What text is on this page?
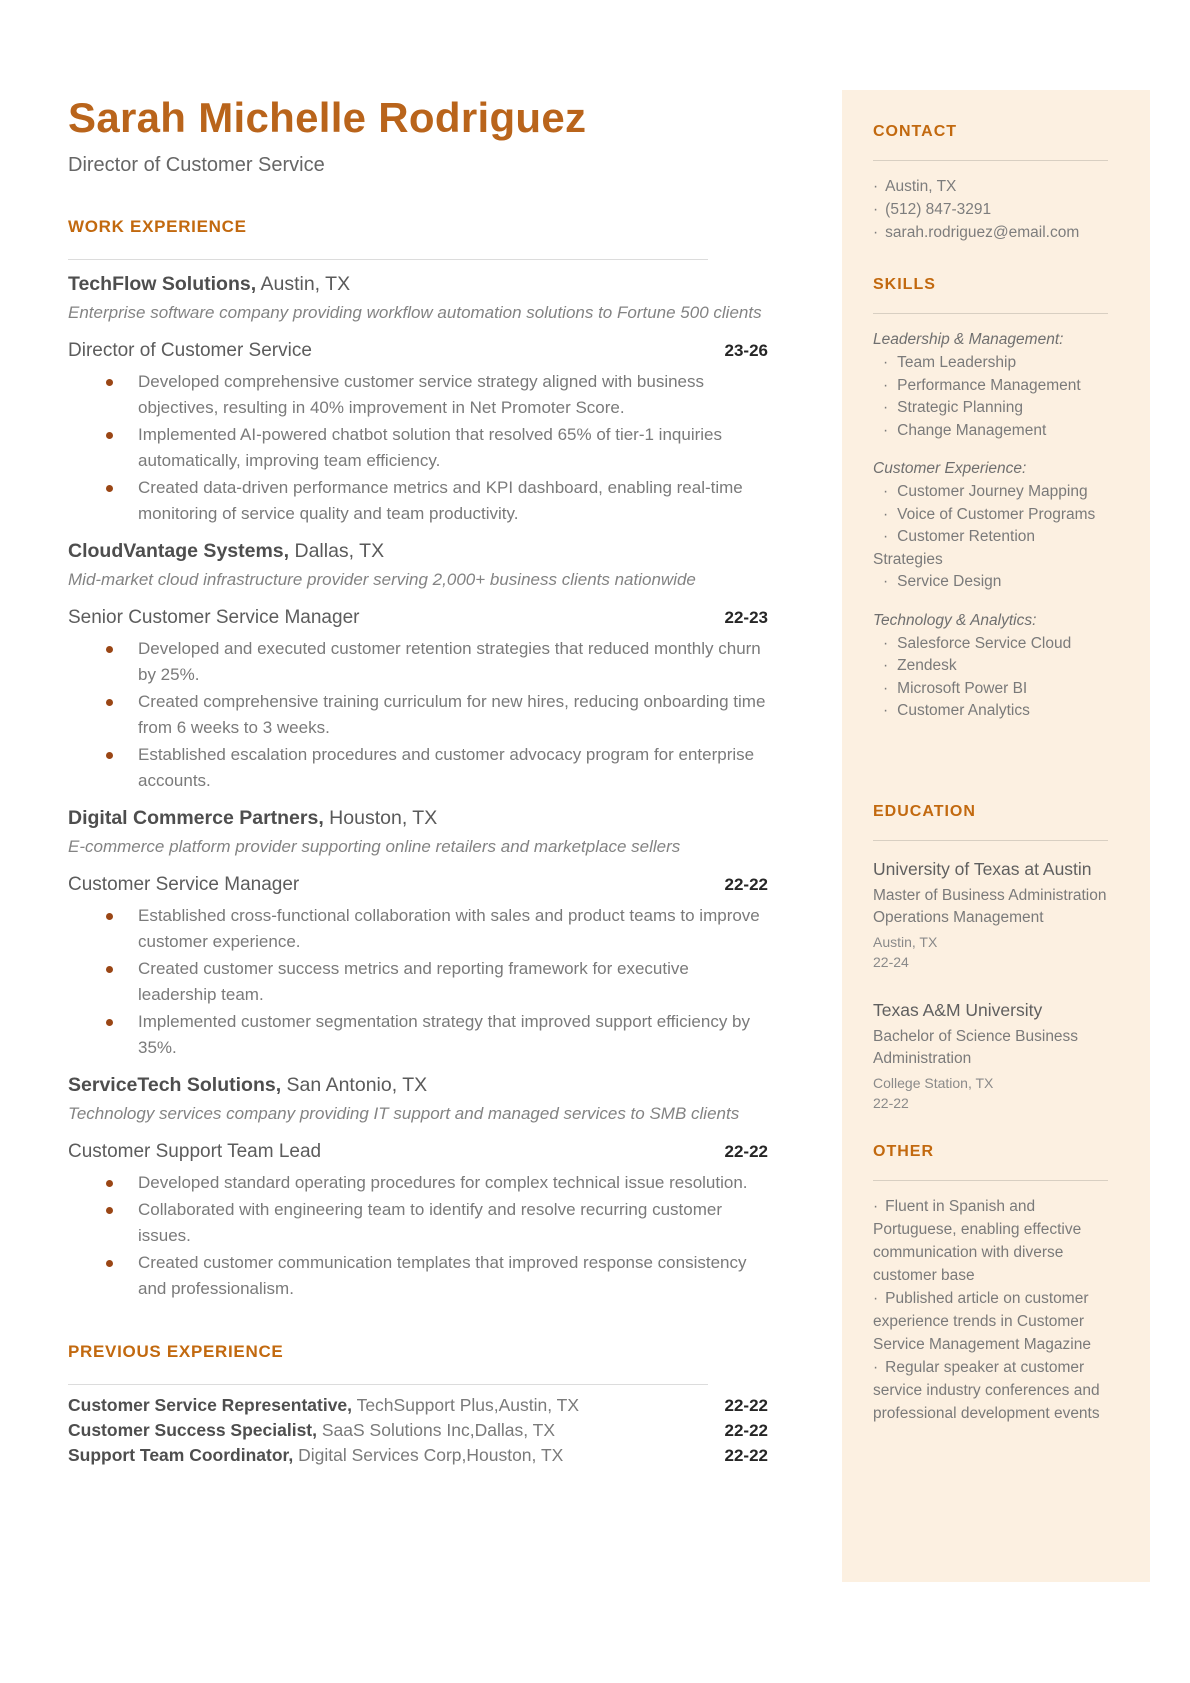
Sarah Michelle Rodriguez
Director of Customer Service
WORK EXPERIENCE
TechFlow Solutions, Austin, TX
Enterprise software company providing workflow automation solutions to Fortune 500 clients
Director of Customer Service	23-26
Developed comprehensive customer service strategy aligned with business objectives, resulting in 40% improvement in Net Promoter Score.
Implemented AI-powered chatbot solution that resolved 65% of tier-1 inquiries automatically, improving team efficiency.
Created data-driven performance metrics and KPI dashboard, enabling real-time monitoring of service quality and team productivity.
CloudVantage Systems, Dallas, TX
Mid-market cloud infrastructure provider serving 2,000+ business clients nationwide
Senior Customer Service Manager	22-23
Developed and executed customer retention strategies that reduced monthly churn by 25%.
Created comprehensive training curriculum for new hires, reducing onboarding time from 6 weeks to 3 weeks.
Established escalation procedures and customer advocacy program for enterprise accounts.
Digital Commerce Partners, Houston, TX
E-commerce platform provider supporting online retailers and marketplace sellers
Customer Service Manager	22-22
Established cross-functional collaboration with sales and product teams to improve customer experience.
Created customer success metrics and reporting framework for executive leadership team.
Implemented customer segmentation strategy that improved support efficiency by 35%.
ServiceTech Solutions, San Antonio, TX
Technology services company providing IT support and managed services to SMB clients
Customer Support Team Lead	22-22
Developed standard operating procedures for complex technical issue resolution.
Collaborated with engineering team to identify and resolve recurring customer issues.
Created customer communication templates that improved response consistency and professionalism.
PREVIOUS EXPERIENCE
Customer Service Representative, TechSupport Plus,Austin, TX	22-22
Customer Success Specialist, SaaS Solutions Inc,Dallas, TX	22-22
Support Team Coordinator, Digital Services Corp,Houston, TX	22-22
CONTACT
· Austin, TX
· (512) 847-3291
· sarah.rodriguez@email.com
SKILLS
Leadership & Management:
· Team Leadership
· Performance Management
· Strategic Planning
· Change Management
Customer Experience:
· Customer Journey Mapping
· Voice of Customer Programs
· Customer Retention Strategies
· Service Design
Technology & Analytics:
· Salesforce Service Cloud
· Zendesk
· Microsoft Power BI
· Customer Analytics
EDUCATION
University of Texas at Austin
Master of Business Administration Operations Management
Austin, TX
22-24
Texas A&M University
Bachelor of Science Business Administration
College Station, TX
22-22
OTHER
· Fluent in Spanish and Portuguese, enabling effective communication with diverse customer base
· Published article on customer experience trends in Customer Service Management Magazine
· Regular speaker at customer service industry conferences and professional development events
